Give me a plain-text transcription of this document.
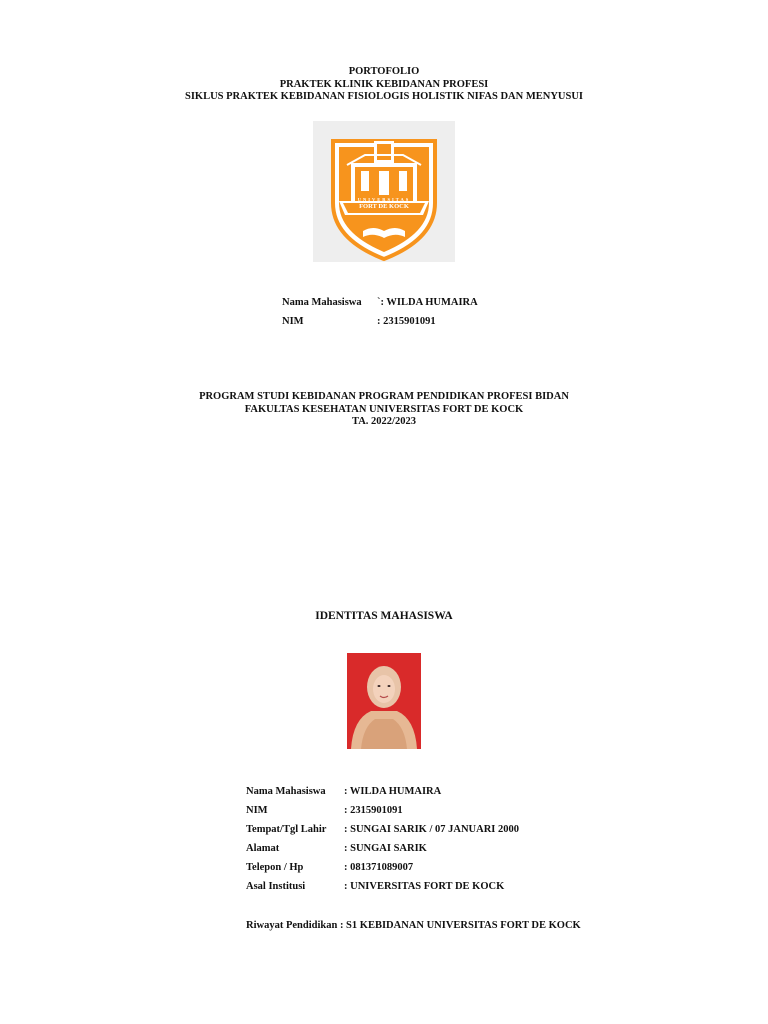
PORTOFOLIO
PRAKTEK KLINIK KEBIDANAN PROFESI
SIKLUS PRAKTEK KEBIDANAN FISIOLOGIS HOLISTIK NIFAS DAN MENYUSUI
UNIVERSITAS
FORT DE KOCK
Nama Mahasiswa `: WILDA HUMAIRA
NIM	: 2315901091
PROGRAM STUDI KEBIDANAN PROGRAM PENDIDIKAN PROFESI BIDAN
FAKULTAS KESEHATAN UNIVERSITAS FORT DE KOCK
TA. 2022/2023
IDENTITAS MAHASISWA
Nama Mahasiswa : WILDA HUMAIRA
NIM	: 2315901091
Tempat/Tgl Lahir : SUNGAI SARIK / 07 JANUARI 2000
Alamat	: SUNGAI SARIK
Telepon / Hp	: 081371089007
Asal Institusi	: UNIVERSITAS FORT DE KOCK
Riwayat Pendidikan : S1 KEBIDANAN UNIVERSITAS FORT DE KOCK
